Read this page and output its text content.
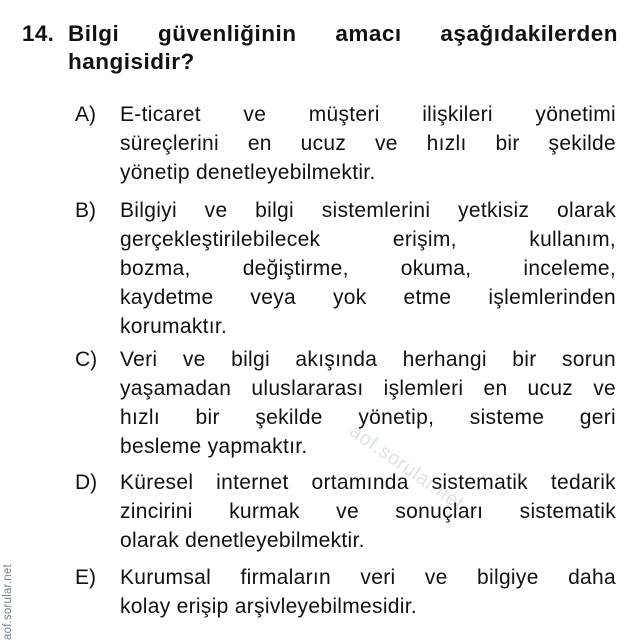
14. Bilgi güvenliğinin amacı aşağıdakilerden
hangisidir?
A) E-ticaret ve müşteri ilişkileri yönetimi
süreçlerini en ucuz ve hızlı bir şekilde
yönetip denetleyebilmektir.
B) Bilgiyi ve bilgi sistemlerini yetkisiz olarak
gerçekleştirilebilecek erişim, kullanım,
bozma, değiştirme, okuma, inceleme,
kaydetme veya yok etme işlemlerinden
korumaktır.
C) Veri ve bilgi akışında herhangi bir sorun
yaşamadan uluslararası işlemleri en ucuz ve
hızlı bir şekilde yönetip, sisteme geri
besleme yapmaktır.
D) Küresel internet ortamında sistematik tedarik
zincirini kurmak ve sonuçları sistematik
olarak denetleyebilmektir.
E) Kurumsal firmaların veri ve bilgiye daha
kolay erişip arşivleyebilmesidir.
aof.sorular.net
aof.sorular.net
